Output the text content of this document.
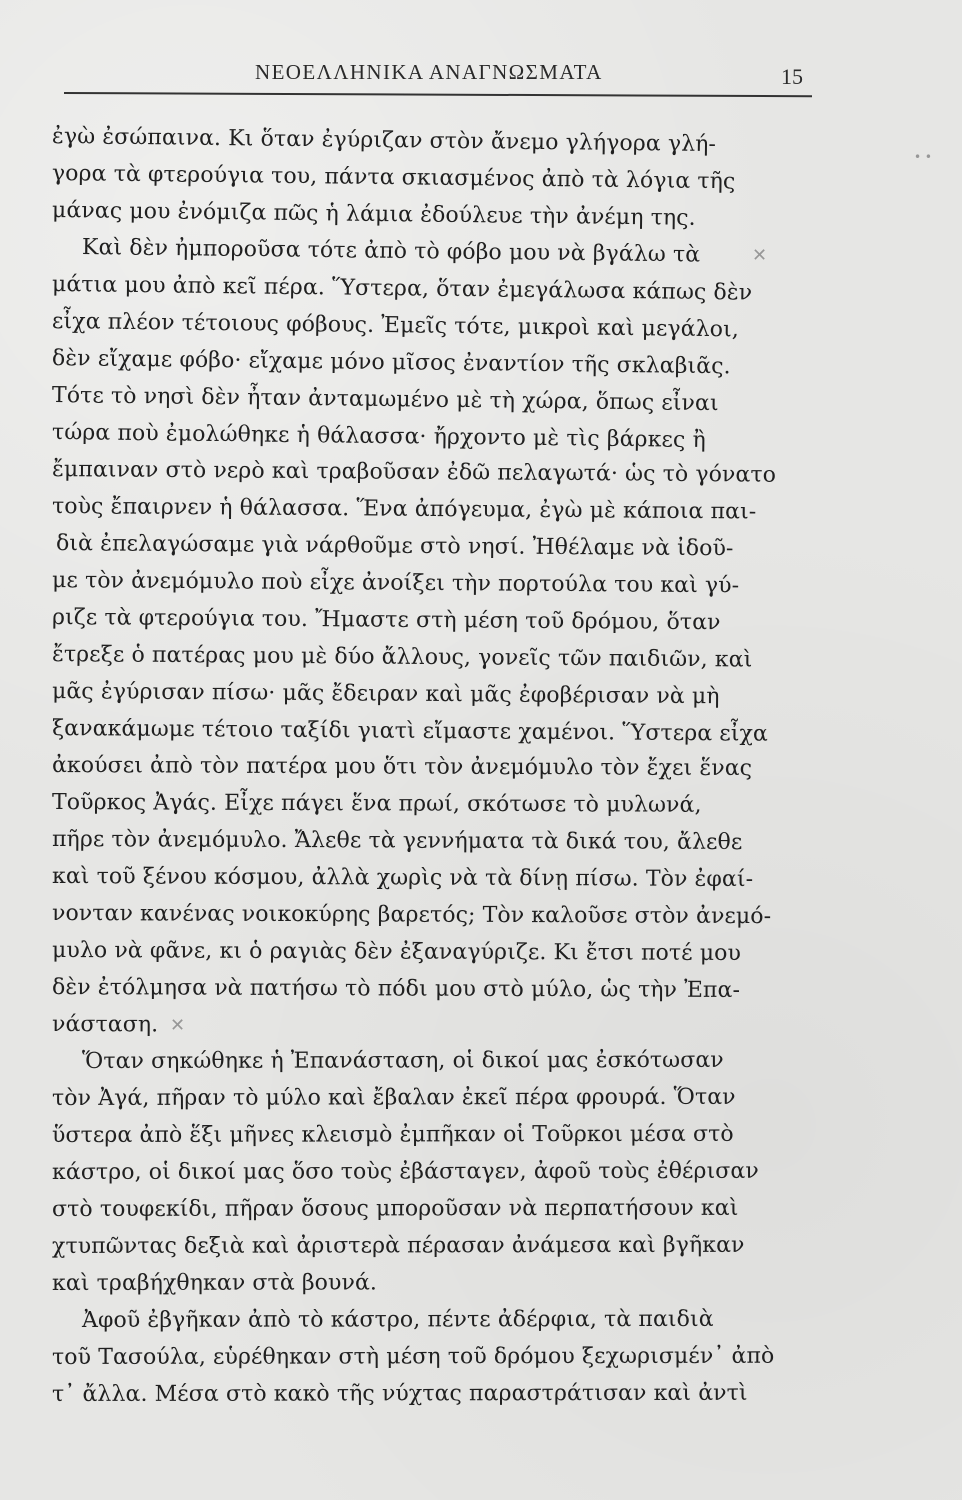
ΝΕΟΕΛΛΗΝΙΚΑ ΑΝΑΓΝΩΣΜΑΤΑ	15
ἐγὼ ἐσώπαινα. Κι ὅταν ἐγύριζαν στὸν ἄνεμο γλήγορα γλή-
γορα τὰ φτερούγια του, πάντα σκιασμένος ἀπὸ τὰ λόγια τῆς
μάνας μου ἐνόμιζα πῶς ἡ λάμια ἐδούλευε τὴν ἀνέμη της.
Καὶ δὲν ἠμποροῦσα τότε ἀπὸ τὸ φόβο μου νὰ βγάλω τὰ
μάτια μου ἀπὸ κεῖ πέρα. Ὕστερα, ὅταν ἐμεγάλωσα κάπως δὲν
εἶχα πλέον τέτοιους φόβους. Ἐμεῖς τότε, μικροὶ καὶ μεγάλοι,
δὲν εἴχαμε φόβο· εἴχαμε μόνο μῖσος ἐναντίον τῆς σκλαβιᾶς.
Τότε τὸ νησὶ δὲν ἦταν ἀνταμωμένο μὲ τὴ χώρα, ὅπως εἶναι
τώρα ποὺ ἐμολώθηκε ἡ θάλασσα· ἤρχοντο μὲ τὶς βάρκες ἢ
ἔμπαιναν στὸ νερὸ καὶ τραβοῦσαν ἐδῶ πελαγωτά· ὡς τὸ γόνατο
τοὺς ἔπαιρνεν ἡ θάλασσα. Ἕνα ἀπόγευμα, ἐγὼ μὲ κάποια παι-
διὰ ἐπελαγώσαμε γιὰ νάρθοῦμε στὸ νησί. Ἠθέλαμε νὰ ἰδοῦ-
με τὸν ἀνεμόμυλο ποὺ εἶχε ἀνοίξει τὴν πορτούλα του καὶ γύ-
ριζε τὰ φτερούγια του. Ἤμαστε στὴ μέση τοῦ δρόμου, ὅταν
ἔτρεξε ὁ πατέρας μου μὲ δύο ἄλλους, γονεῖς τῶν παιδιῶν, καὶ
μᾶς ἐγύρισαν πίσω· μᾶς ἔδειραν καὶ μᾶς ἐφοβέρισαν νὰ μὴ
ξανακάμωμε τέτοιο ταξίδι γιατὶ εἴμαστε χαμένοι. Ὕστερα εἶχα
ἀκούσει ἀπὸ τὸν πατέρα μου ὅτι τὸν ἀνεμόμυλο τὸν ἔχει ἕνας
Τοῦρκος Ἀγάς. Εἶχε πάγει ἕνα πρωί, σκότωσε τὸ μυλωνά,
πῆρε τὸν ἀνεμόμυλο. Ἄλεθε τὰ γεννήματα τὰ δικά του, ἄλεθε
καὶ τοῦ ξένου κόσμου, ἀλλὰ χωρὶς νὰ τὰ δίνῃ πίσω. Τὸν ἐφαί-
νονταν κανένας νοικοκύρης βαρετός; Τὸν καλοῦσε στὸν ἀνεμό-
μυλο νὰ φᾶνε, κι ὁ ραγιὰς δὲν ἐξαναγύριζε. Κι ἔτσι ποτέ μου
δὲν ἐτόλμησα νὰ πατήσω τὸ πόδι μου στὸ μύλο, ὡς τὴν Ἐπα-
νάσταση.
Ὅταν σηκώθηκε ἡ Ἐπανάσταση, οἱ δικοί μας ἐσκότωσαν
τὸν Ἀγά, πῆραν τὸ μύλο καὶ ἔβαλαν ἐκεῖ πέρα φρουρά. Ὅταν
ὕστερα ἀπὸ ἕξι μῆνες κλεισμὸ ἐμπῆκαν οἱ Τοῦρκοι μέσα στὸ
κάστρο, οἱ δικοί μας ὅσο τοὺς ἐβάσταγεν, ἀφοῦ τοὺς ἐθέρισαν
στὸ τουφεκίδι, πῆραν ὅσους μποροῦσαν νὰ περπατήσουν καὶ
χτυπῶντας δεξιὰ καὶ ἀριστερὰ πέρασαν ἀνάμεσα καὶ βγῆκαν
καὶ τραβήχθηκαν στὰ βουνά.
Ἀφοῦ ἐβγῆκαν ἀπὸ τὸ κάστρο, πέντε ἀδέρφια, τὰ παιδιὰ
τοῦ Τασούλα, εὑρέθηκαν στὴ μέση τοῦ δρόμου ξεχωρισμέν᾽ ἀπὸ
τ᾽ ἄλλα. Μέσα στὸ κακὸ τῆς νύχτας παραστράτισαν καὶ ἀντὶ
✕
✕
• •
